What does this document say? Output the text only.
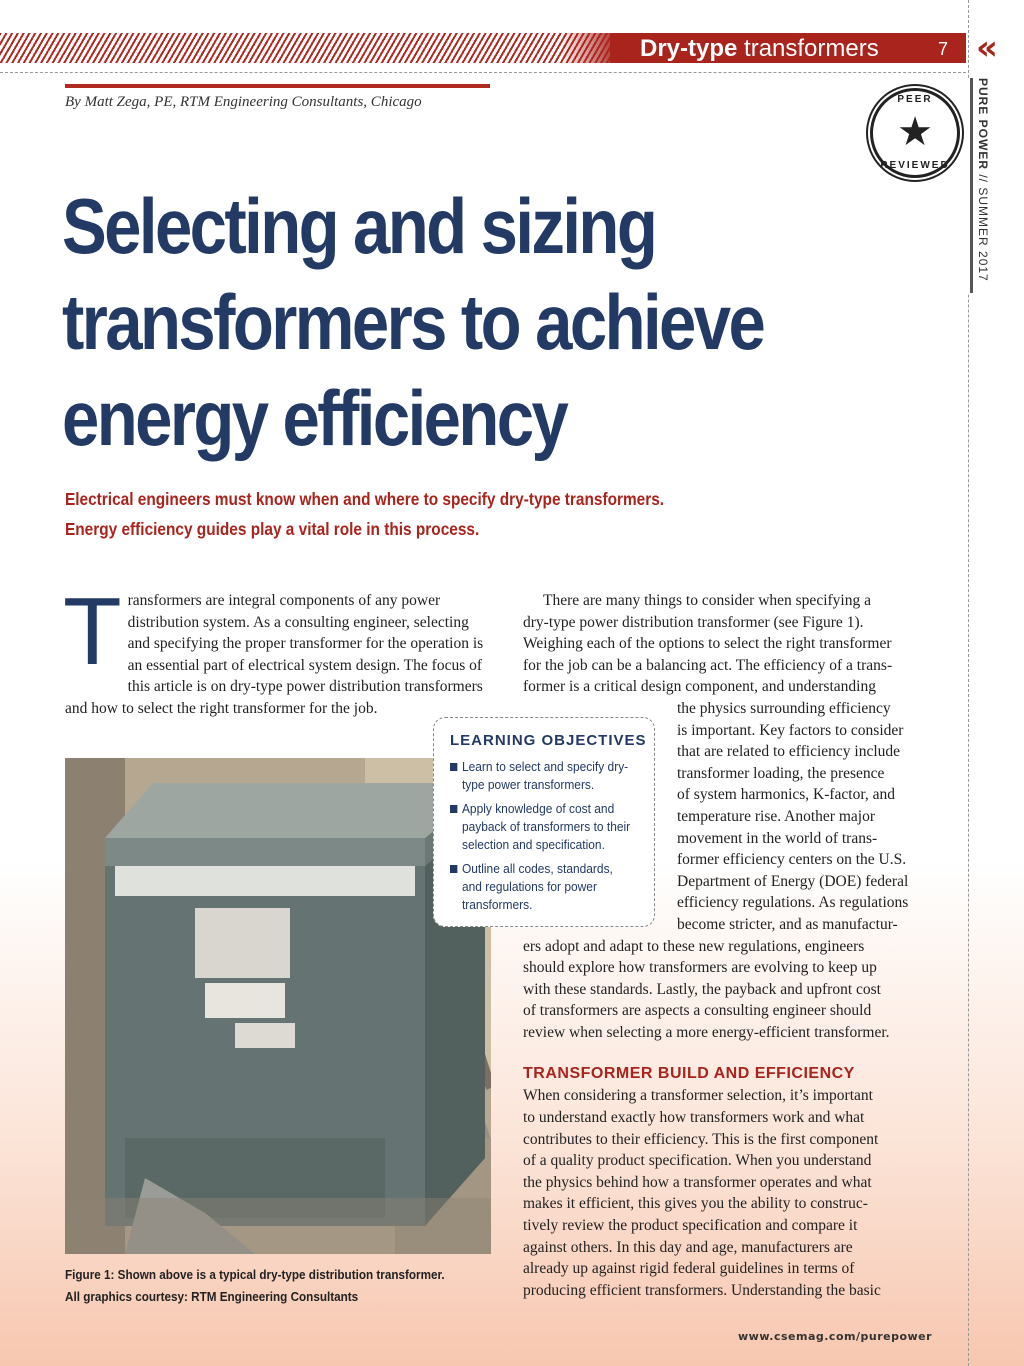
Dry-type transformers	7 «
PURE POWER // SUMMER 2017
By Matt Zega, PE, RTM Engineering Consultants, Chicago	PEER
★
REVIEWED
Selecting and sizing
transformers to achieve
energy efficiency
Electrical engineers must know when and where to specify dry-type transformers.
Energy efficiency guides play a vital role in this process.
T ransformers are integral components of any power distribution system. As a consulting engineer, selecting and specifying the proper transformer for the operation is an essential part of electrical system design. The focus of this article is on dry-type power distribution transformers and how to select the right transformer for the job.

Figure 1: Shown above is a typical dry-type distribution transformer. All graphics courtesy: RTM Engineering Consultants
There are many things to consider when specifying a
dry-type power distribution transformer (see Figure 1).
Weighing each of the options to select the right transformer
for the job can be a balancing act. The efficiency of a trans-
former is a critical design component, and understanding
the physics surrounding efficiency
is important. Key factors to consider
that are related to efficiency include
transformer loading, the presence
of system harmonics, K-factor, and
temperature rise. Another major
movement in the world of trans-
former efficiency centers on the U.S.
Department of Energy (DOE) federal
efficiency regulations. As regulations
become stricter, and as manufactur-
ers adopt and adapt to these new regulations, engineers
should explore how transformers are evolving to keep up
with these standards. Lastly, the payback and upfront cost
of transformers are aspects a consulting engineer should
review when selecting a more energy-efficient transformer.
TRANSFORMER BUILD AND EFFICIENCY
When considering a transformer selection, it’s important
to understand exactly how transformers work and what
contributes to their efficiency. This is the first component
of a quality product specification. When you understand
the physics behind how a transformer operates and what
makes it efficient, this gives you the ability to construc-
tively review the product specification and compare it
against others. In this day and age, manufacturers are
already up against rigid federal guidelines in terms of
producing efficient transformers. Understanding the basic
LEARNING OBJECTIVES
Learn to select and specify dry-type power transformers.
Apply knowledge of cost and payback of transformers to their selection and specification.
Outline all codes, standards, and regulations for power transformers.
www.csemag.com/purepower
